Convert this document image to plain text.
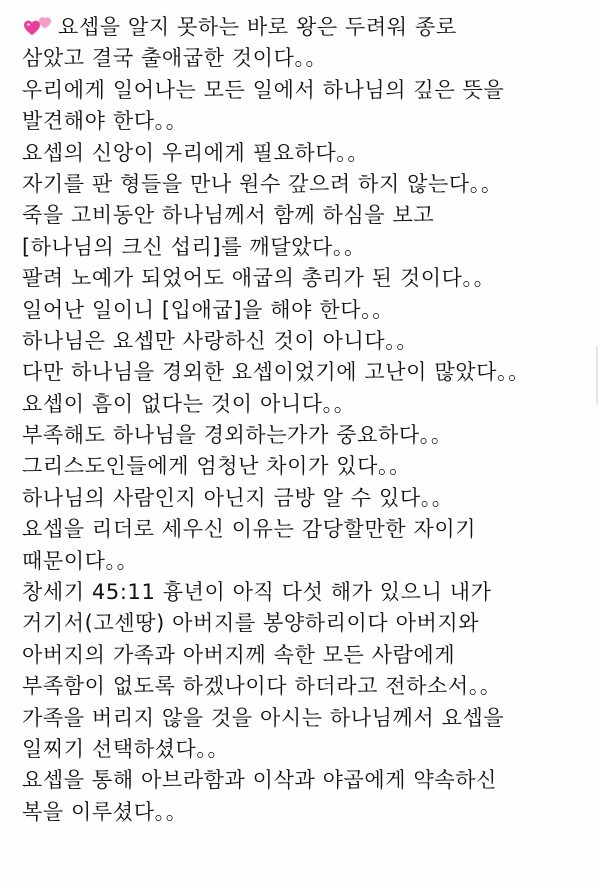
요셉을 알지 못하는 바로 왕은 두려워 종로
삼았고 결국 출애굽한 것이다。。
우리에게 일어나는 모든 일에서 하나님의 깊은 뜻을
발견해야 한다。。
요셉의 신앙이 우리에게 필요하다。。
자기를 판 형들을 만나 원수 갚으려 하지 않는다。。
죽을 고비동안 하나님께서 함께 하심을 보고
[하나님의 크신 섭리]를 깨달았다。。
팔려 노예가 되었어도 애굽의 총리가 된 것이다。。
일어난 일이니 [입애굽]을 해야 한다。。
하나님은 요셉만 사랑하신 것이 아니다。。
다만 하나님을 경외한 요셉이었기에 고난이 많았다。。
요셉이 흠이 없다는 것이 아니다。。
부족해도 하나님을 경외하는가가 중요하다。。
그리스도인들에게 엄청난 차이가 있다。。
하나님의 사람인지 아닌지 금방 알 수 있다。。
요셉을 리더로 세우신 이유는 감당할만한 자이기
때문이다。。
창세기 45:11 흉년이 아직 다섯 해가 있으니 내가
거기서(고센땅) 아버지를 봉양하리이다 아버지와
아버지의 가족과 아버지께 속한 모든 사람에게
부족함이 없도록 하겠나이다 하더라고 전하소서。。
가족을 버리지 않을 것을 아시는 하나님께서 요셉을
일찌기 선택하셨다。。
요셉을 통해 아브라함과 이삭과 야곱에게 약속하신
복을 이루셨다。。
